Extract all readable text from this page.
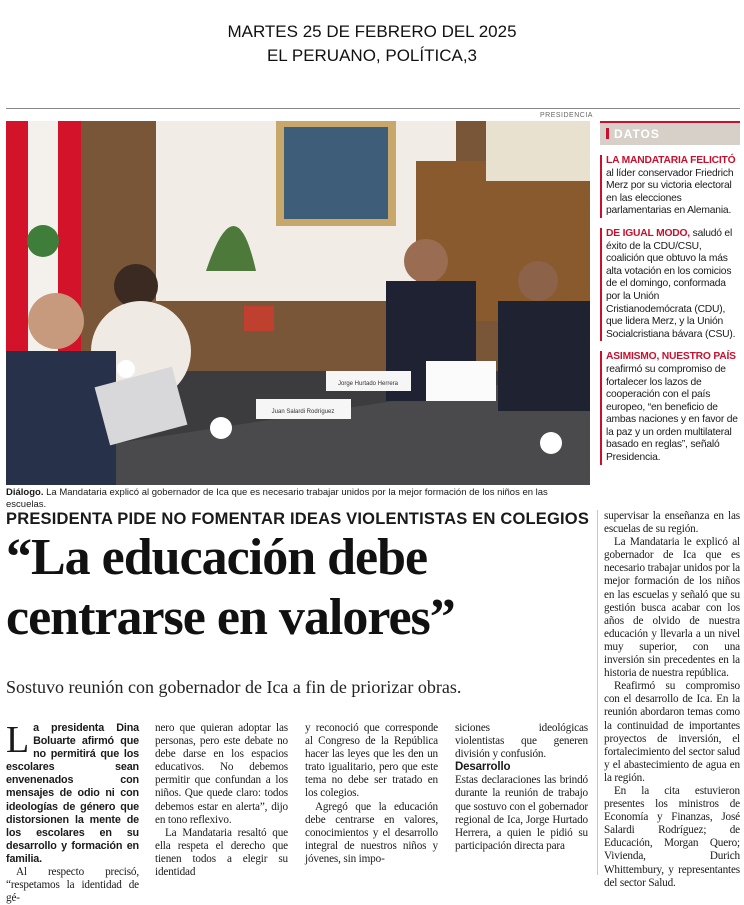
MARTES 25 DE FEBRERO DEL 2025
EL PERUANO, POLÍTICA,3
PRESIDENCIA
Juan Salardi Rodríguez
Jorge Hurtado Herrera
Diálogo. La Mandataria explicó al gobernador de Ica que es necesario trabajar unidos por la mejor formación de los niños en las escuelas.
DATOS

LA MANDATARIA FELICITÓ al líder conservador Friedrich Merz por su victoria electoral en las elecciones parlamentarias en Alemania.

DE IGUAL MODO, saludó el éxito de la CDU/CSU, coalición que obtuvo la más alta votación en los comicios de el domingo, conformada por la Unión Cristianodemócrata (CDU), que lidera Merz, y la Unión Socialcristiana bávara (CSU).

ASIMISMO, NUESTRO PAÍS reafirmó su compromiso de fortalecer los lazos de cooperación con el país europeo, “en beneficio de ambas naciones y en favor de la paz y un orden multilateral basado en reglas”, señaló Presidencia.

PRESIDENTA PIDE NO FOMENTAR IDEAS VIOLENTISTAS EN COLEGIOS
“La educación debe centrarse en valores”
Sostuvo reunión con gobernador de Ica a fin de priorizar obras.

La presidenta Dina Boluarte afirmó que no permitirá que los escolares sean envenenados con mensajes de odio ni con ideologías de género que distorsionen la mente de los escolares en su desarrollo y formación en familia.

Al respecto precisó, “respetamos la identidad de gé-

nero que quieran adoptar las personas, pero este debate no debe darse en los espacios educativos. No debemos permitir que confundan a los niños. Que quede claro: todos debemos estar en alerta”, dijo en tono reflexivo.

La Mandataria resaltó que ella respeta el derecho que tienen todos a elegir su identidad

y reconoció que corresponde al Congreso de la República hacer las leyes que les den un trato igualitario, pero que este tema no debe ser tratado en los colegios.

Agregó que la educación debe centrarse en valores, conocimientos y el desarrollo integral de nuestros niños y jóvenes, sin impo-

siciones ideológicas violentistas que generen división y confusión.

Desarrollo

Estas declaraciones las brindó durante la reunión de trabajo que sostuvo con el gobernador regional de Ica, Jorge Hurtado Herrera, a quien le pidió su participación directa para

supervisar la enseñanza en las escuelas de su región.

La Mandataria le explicó al gobernador de Ica que es necesario trabajar unidos por la mejor formación de los niños en las escuelas y señaló que su gestión busca acabar con los años de olvido de nuestra educación y llevarla a un nivel muy superior, con una inversión sin precedentes en la historia de nuestra república.

Reafirmó su compromiso con el desarrollo de Ica. En la reunión abordaron temas como la continuidad de importantes proyectos de inversión, el fortalecimiento del sector salud y el abastecimiento de agua en la región.

En la cita estuvieron presentes los ministros de Economía y Finanzas, José Salardi Rodríguez; de Educación, Morgan Quero; Vivienda, Durich Whittembury, y representantes del sector Salud.
